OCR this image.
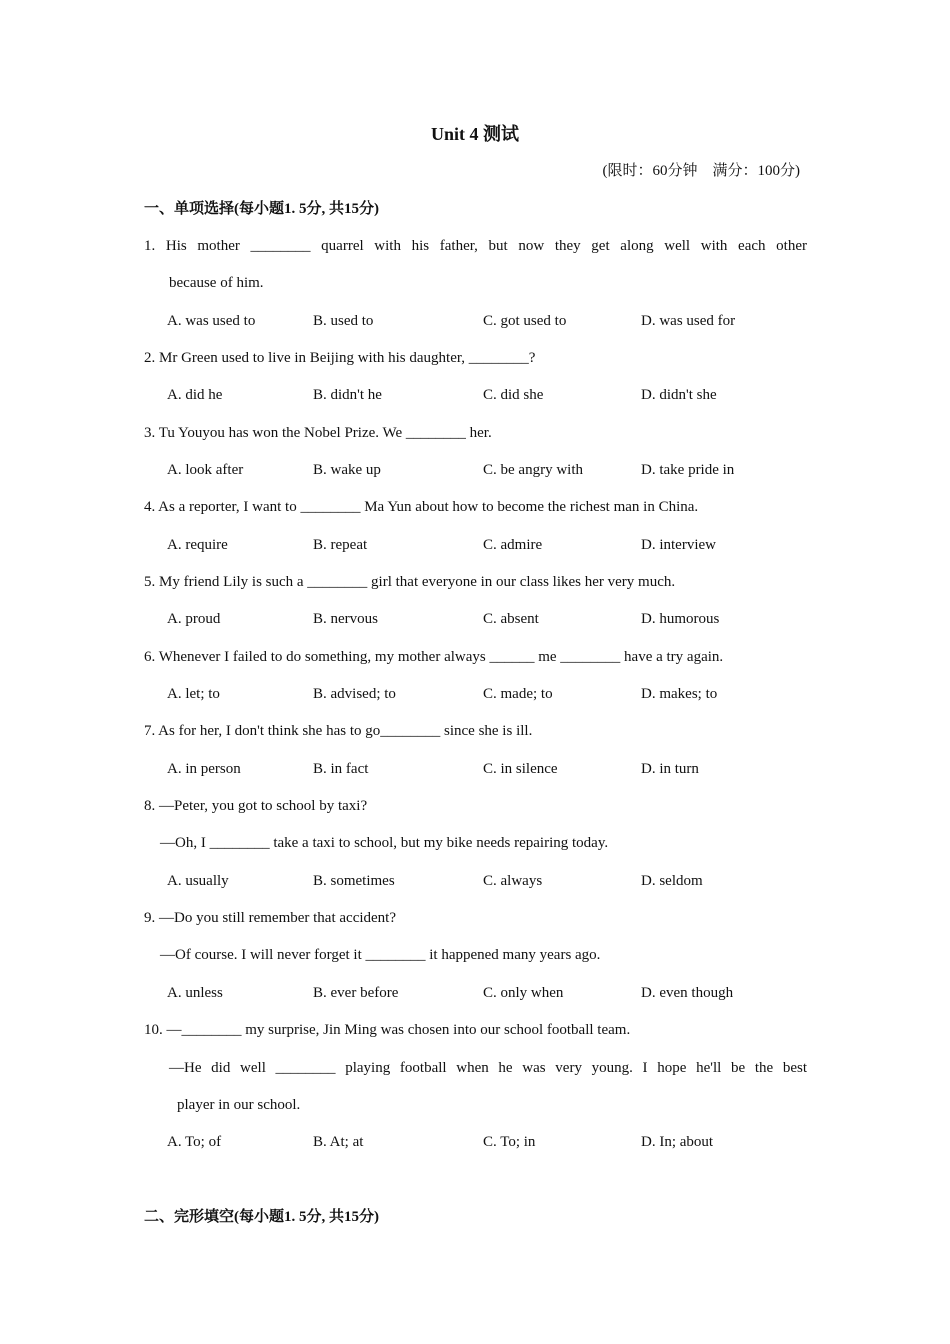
Unit 4 测试
(限时：60分钟　满分：100分)
一、单项选择(每小题1. 5分, 共15分)
1. His mother ________ quarrel with his father, but now they get along well with each other
because of him.
A. was used to	B. used to	C. got used to	D. was used for
2. Mr Green used to live in Beijing with his daughter, ________?
A. did he	B. didn't he	C. did she	D. didn't she
3. Tu Youyou has won the Nobel Prize. We ________ her.
A. look after	B. wake up	C. be angry with	D. take pride in
4. As a reporter, I want to ________ Ma Yun about how to become the richest man in China.
A. require	B. repeat	C. admire	D. interview
5. My friend Lily is such a ________ girl that everyone in our class likes her very much.
A. proud	B. nervous	C. absent	D. humorous
6. Whenever I failed to do something, my mother always ______ me ________ have a try again.
A. let; to	B. advised; to	C. made; to	D. makes; to
7. As for her, I don't think she has to go________ since she is ill.
A. in person	B. in fact	C. in silence	D. in turn
8. —Peter, you got to school by taxi?
—Oh, I ________ take a taxi to school, but my bike needs repairing today.
A. usually	B. sometimes	C. always	D. seldom
9. —Do you still remember that accident?
—Of course. I will never forget it ________ it happened many years ago.
A. unless	B. ever before	C. only when	D. even though
10. —________ my surprise, Jin Ming was chosen into our school football team.
—He did well ________ playing football when he was very young. I hope he'll be the best
player in our school.
A. To; of	B. At; at	C. To; in	D. In; about
二、完形填空(每小题1. 5分, 共15分)
